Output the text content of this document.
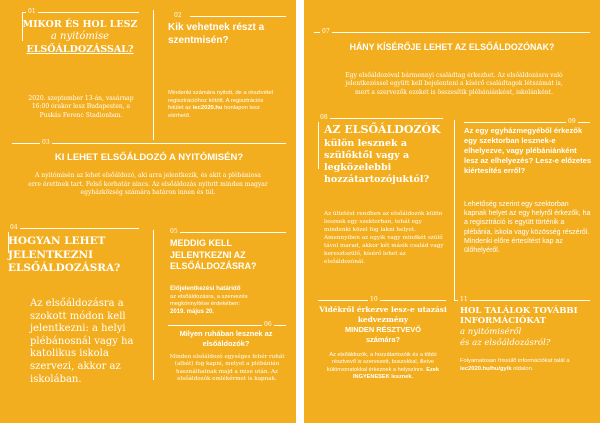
01
MIKOR ÉS HOL LESZ
a nyitómise
ELSŐÁLDOZÁSSAL?
2020. szeptember 13-án, vasárnap 16:00 órakor lesz Budapesten, a Puskás Ferenc Stadionban.
02
Kik vehetnek részt a szentmisén?
Mindenki számára nyitott, de a résztvétel regisztrációhoz kötött. A regisztrációs felület az iec2020.hu honlapon lesz elérhető.
03
KI LEHET ELSŐÁLDOZÓ A NYITÓMISÉN?
A nyitómisén az lehet elsőáldozó, aki arra jelentkezik, és akit a plébániosa erre érettnek tart. Felső korhatár nincs. Az elsőáldozás nyitott minden magyar egyházközség számára határon innen és túl.
04
HOGYAN LEHET JELENTKEZNI ELSŐÁLDOZÁSRA?
Az elsőáldozásra a szokott módon kell jelentkezni: a helyi plébánosnál vagy ha katolikus iskola szervezi, akkor az iskolában.
05
MEDDIG KELL JELENTKEZNI AZ ELSŐÁLDOZÁSRA?
Előjelentkezési határidő
az elsőáldozásra, a szervezés megkönnyítése érdekében:
2019. május 20.
06
Milyen ruhában lesznek az elsőáldozók?
Minden elsőáldozó egységes fehér ruhát (albát) fog kapni, melyet a plébánián használhatnak majd a mise után. Az elsőáldozók emlékérmet is kapnak.
07
HÁNY KÍSÉRŐJE LEHET AZ ELSŐÁLDOZÓNAK?
Egy elsőáldozóval bármennyi családtag érkezhet. Az elsőáldozásra való jelentkezéssel együtt kell bejelenteni a kísérő családtagok létszámát is, mert a szervezők ezeket is összesítik plébániánként, iskolánként.
08
AZ ELSŐÁLDOZÓK
külön lesznek a szülőktől vagy a legközelebbi hozzátartozójuktól?
Az ültetést rendben az elsőáldozók külön lesznek egy szektorban, tehát egy mindenki közel fog lakni helyet. Amennyiben az egyik vagy mindkét szülő távol marad, akkor két másik család vagy keresztszülő, kísérő lehet az elsőáldozónál.
09
Az egy egyházmegyéből érkezők egy szektorban lesznek-e elhelyezve, vagy plébániánként lesz az elhelyezés? Lesz-e előzetes kiértesítés erről?
Lehetőség szerint egy szektorban kapnak helyet az egy helyről érkezők, ha a regisztráció is együtt történik a plébánia, iskola vagy közösség részéről. Mindenki előre értesítést kap az ülőhelyéről.
10
Vidékről érkezve lesz-e utazási kedvezmény
MINDEN RÉSZTVEVŐ
számára?
Az elsőáldozók, a hozzátartozóik és a többi résztvevő is szervezett, buszokkal, illetve különvonatokkal érkeznek a helyszínre. Ezek INGYENESEK lesznek.
11
HOL TALÁLOK TOVÁBBI INFORMÁCIÓKAT
a nyitómiséről
és az elsőáldozásról?
Folyamatosan frissülő információkat talál a iec2020.hu/hu/gyik oldalon.
